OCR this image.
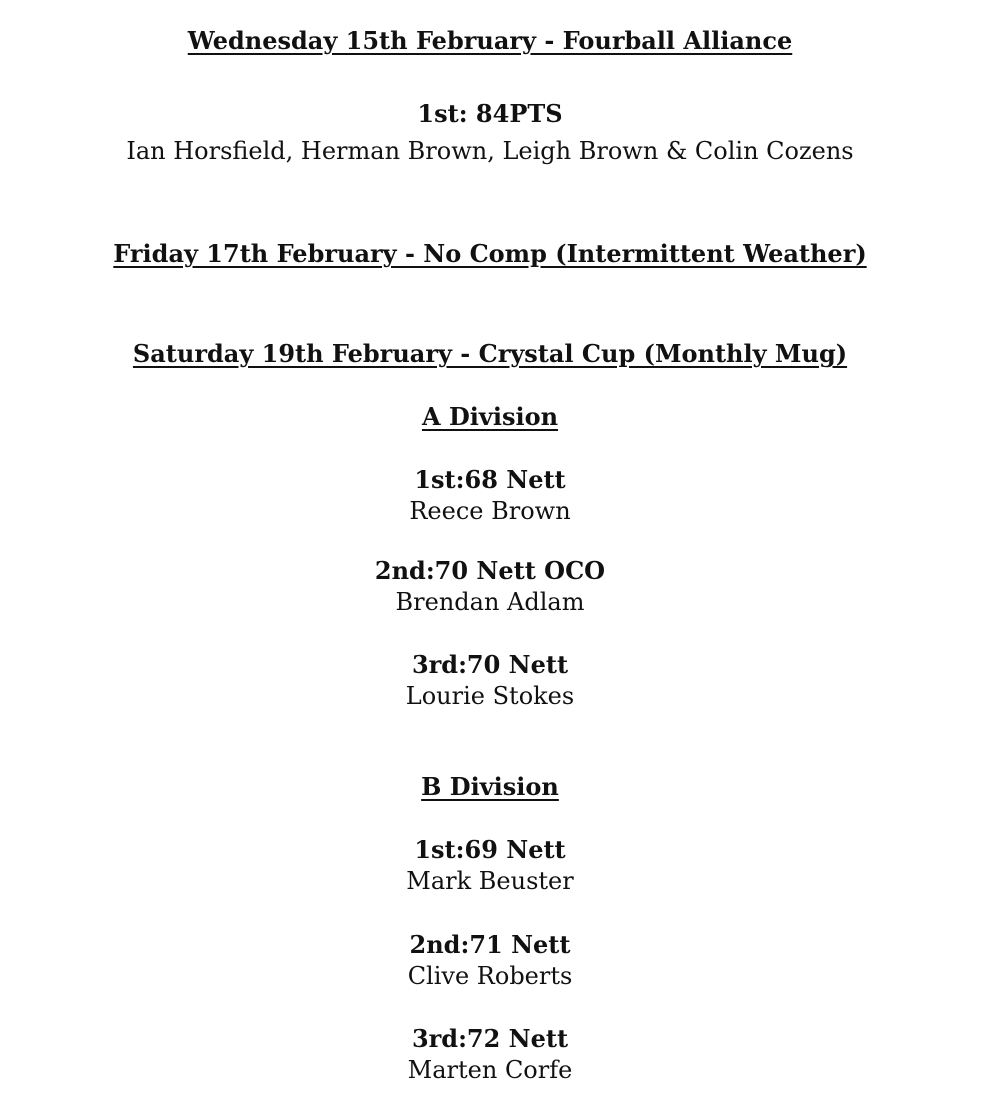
Wednesday 15th February - Fourball Alliance
1st: 84PTS
Ian Horsfield, Herman Brown, Leigh Brown & Colin Cozens
Friday 17th February - No Comp (Intermittent Weather)
Saturday 19th February - Crystal Cup (Monthly Mug)
A Division
1st:68 Nett
Reece Brown
2nd:70 Nett OCO
Brendan Adlam
3rd:70 Nett
Lourie Stokes
B Division
1st:69 Nett
Mark Beuster
2nd:71 Nett
Clive Roberts
3rd:72 Nett
Marten Corfe
